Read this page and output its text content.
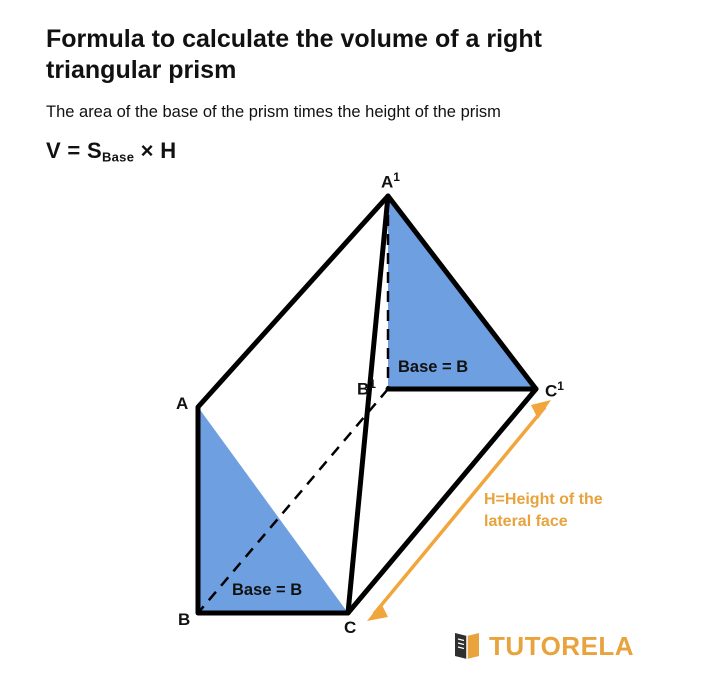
Formula to calculate the volume of a right triangular prism
The area of the base of the prism times the height of the prism
$V = S_{Base} \times H$
$A^1$
$B^1$	$C^1$
A
B	C
Base = B
Base = B
H=Height of the lateral face
TUTORELA
